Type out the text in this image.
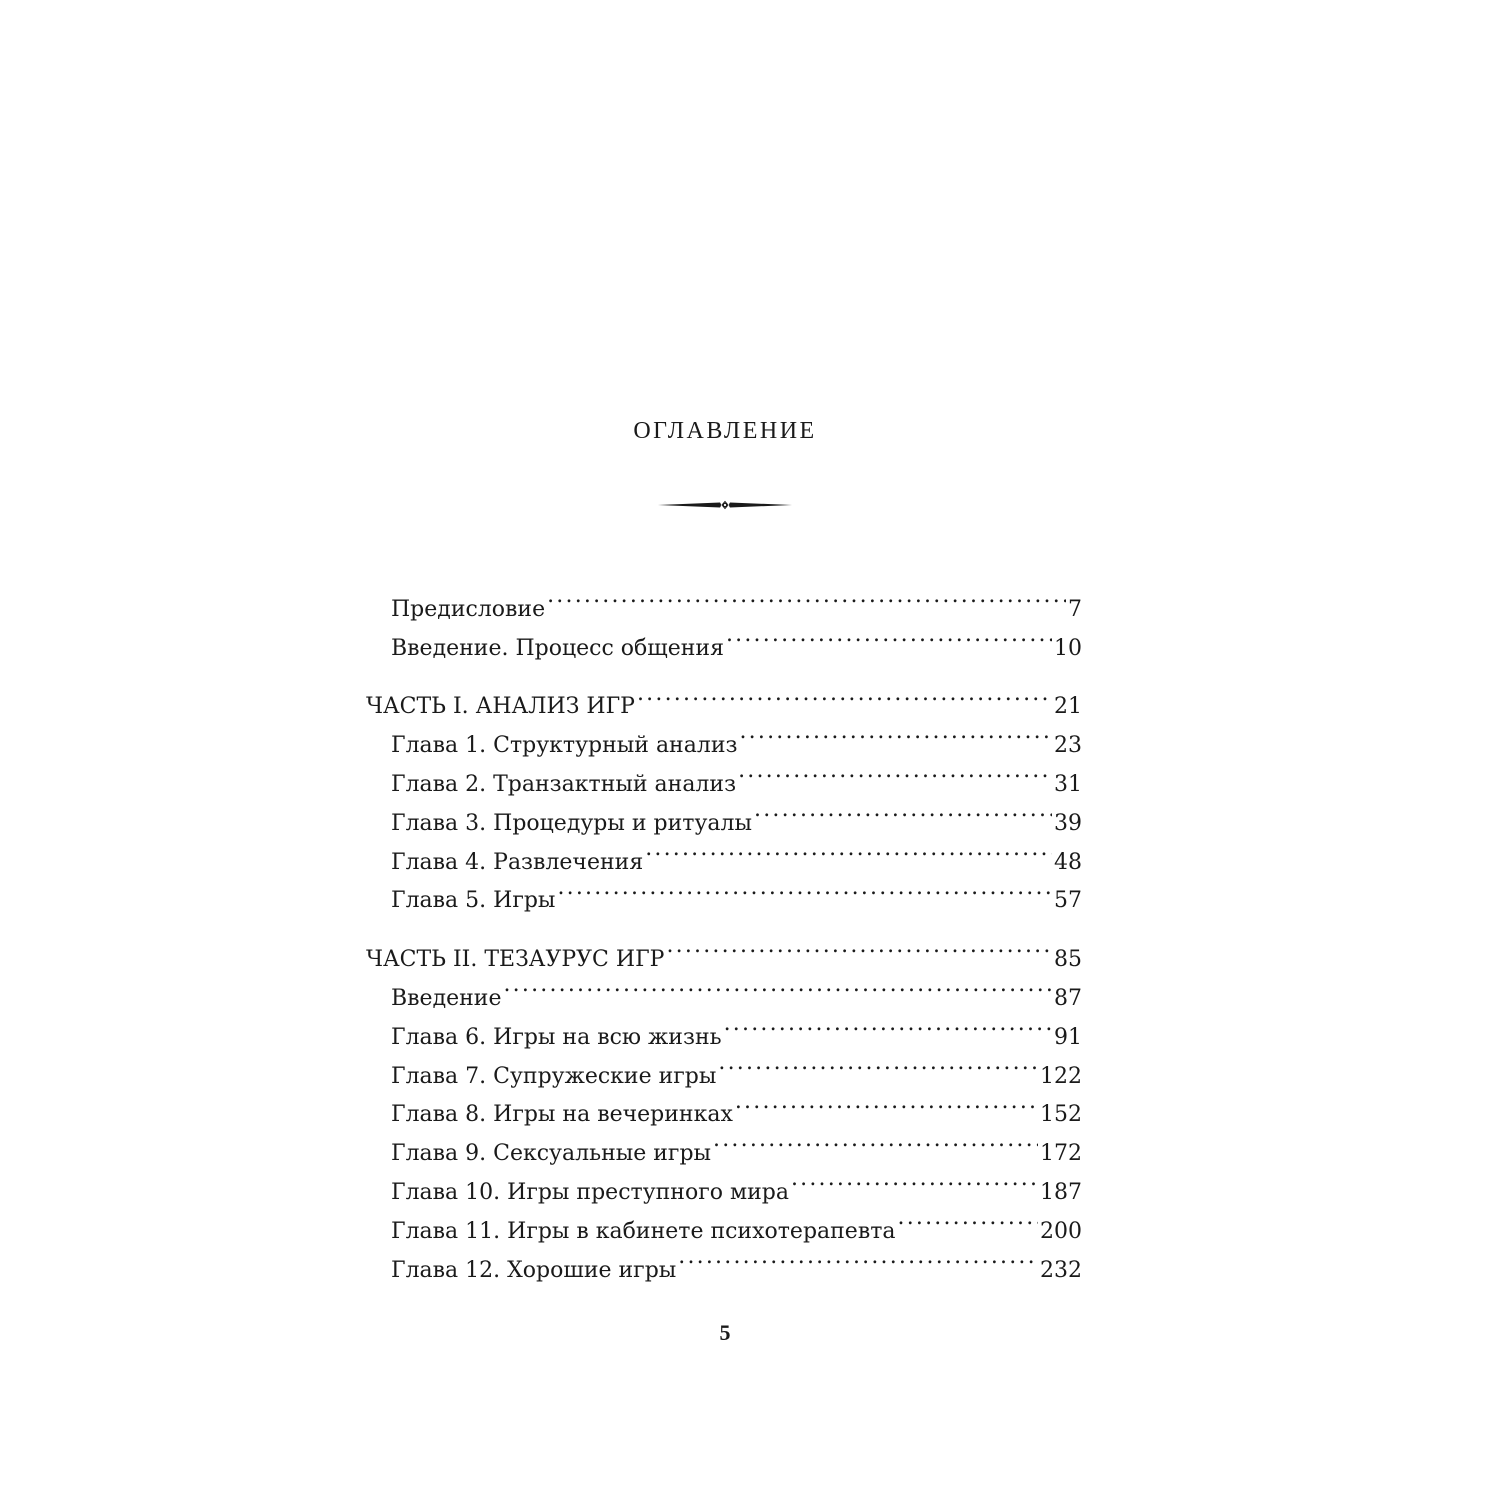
ОГЛАВЛЕНИЕ
Предисловие .....	7
Введение. Процесс общения .....	10
ЧАСТЬ I. АНАЛИЗ ИГР .....	21
Глава 1. Структурный анализ .....	23
Глава 2. Транзактный анализ .....	31
Глава 3. Процедуры и ритуалы .....	39
Глава 4. Развлечения .....	48
Глава 5. Игры .....	57
ЧАСТЬ II. ТЕЗАУРУС ИГР .....	85
Введение .....	87
Глава 6. Игры на всю жизнь .....	91
Глава 7. Супружеские игры .....	122
Глава 8. Игры на вечеринках .....	152
Глава 9. Сексуальные игры .....	172
Глава 10. Игры преступного мира .....	187
Глава 11. Игры в кабинете психотерапевта .....	200
Глава 12. Хорошие игры .....	232
5
